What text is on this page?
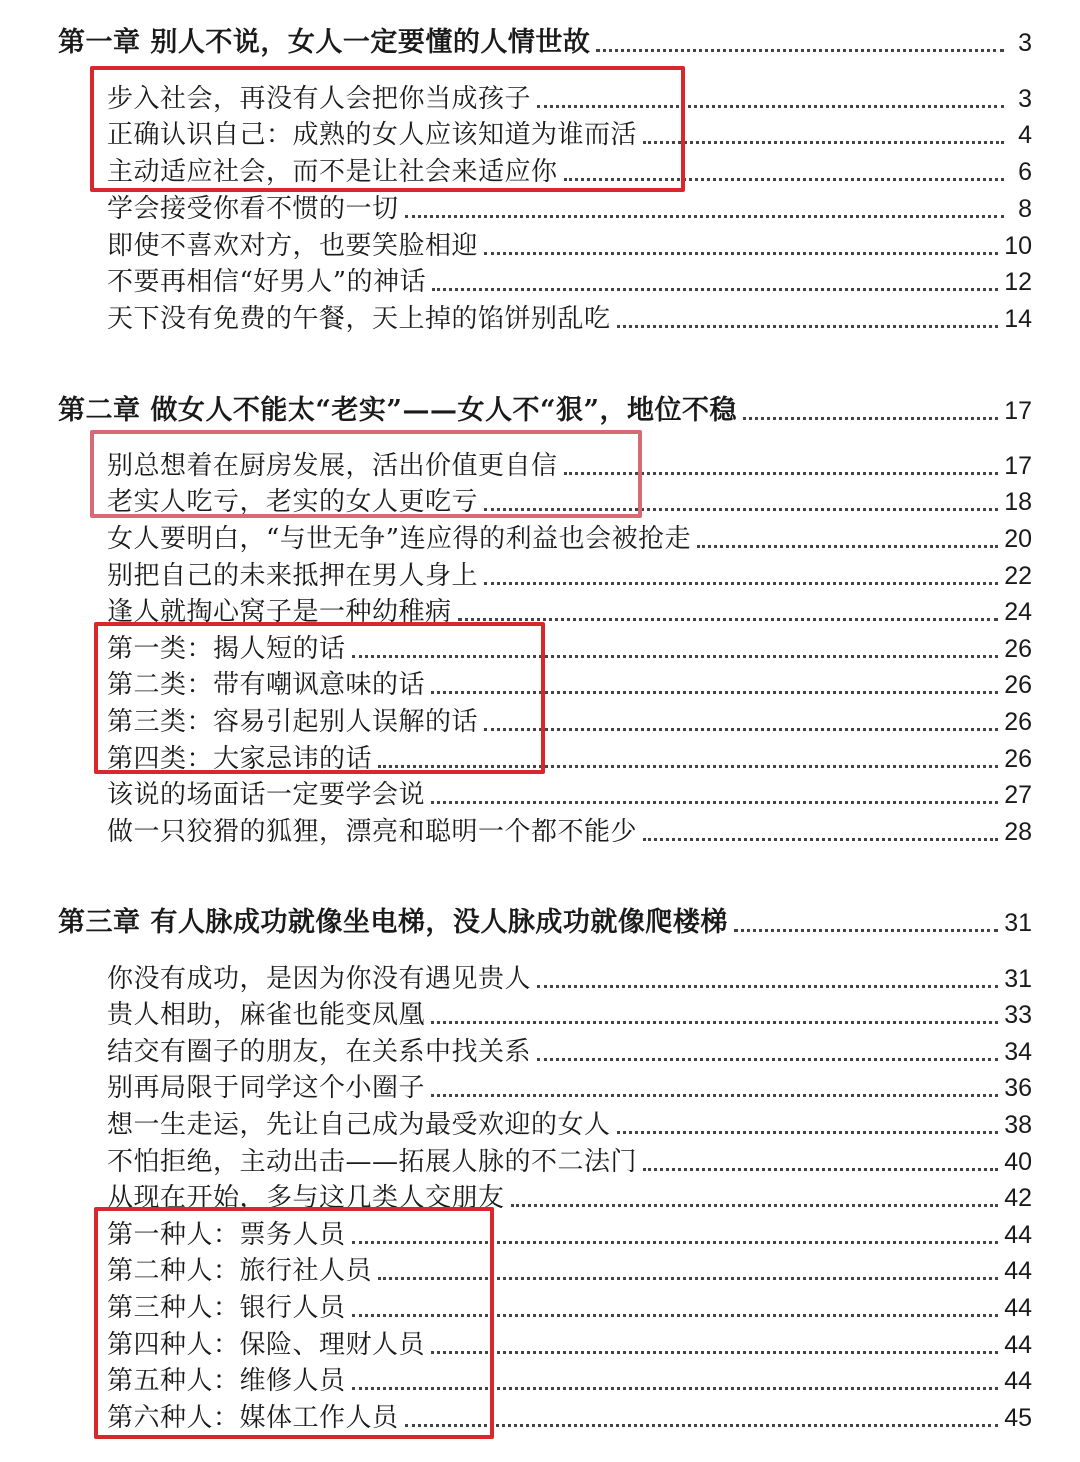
第一章 别人不说，女人一定要懂的人情世故	3
步入社会，再没有人会把你当成孩子	3
正确认识自己：成熟的女人应该知道为谁而活	4
主动适应社会，而不是让社会来适应你	6
学会接受你看不惯的一切	8
即使不喜欢对方，也要笑脸相迎	10
不要再相信“好男人”的神话	12
天下没有免费的午餐，天上掉的馅饼别乱吃	14
第二章 做女人不能太“老实”——女人不“狠”，地位不稳	17
别总想着在厨房发展，活出价值更自信	17
老实人吃亏，老实的女人更吃亏	18
女人要明白，“与世无争”连应得的利益也会被抢走	20
别把自己的未来抵押在男人身上	22
逢人就掏心窝子是一种幼稚病	24
第一类：揭人短的话	26
第二类：带有嘲讽意味的话	26
第三类：容易引起别人误解的话	26
第四类：大家忌讳的话	26
该说的场面话一定要学会说	27
做一只狡猾的狐狸，漂亮和聪明一个都不能少	28
第三章 有人脉成功就像坐电梯，没人脉成功就像爬楼梯	31
你没有成功，是因为你没有遇见贵人	31
贵人相助，麻雀也能变凤凰	33
结交有圈子的朋友，在关系中找关系	34
别再局限于同学这个小圈子	36
想一生走运，先让自己成为最受欢迎的女人	38
不怕拒绝，主动出击——拓展人脉的不二法门	40
从现在开始，多与这几类人交朋友	42
第一种人：票务人员	44
第二种人：旅行社人员	44
第三种人：银行人员	44
第四种人：保险、理财人员	44
第五种人：维修人员	44
第六种人：媒体工作人员	45
